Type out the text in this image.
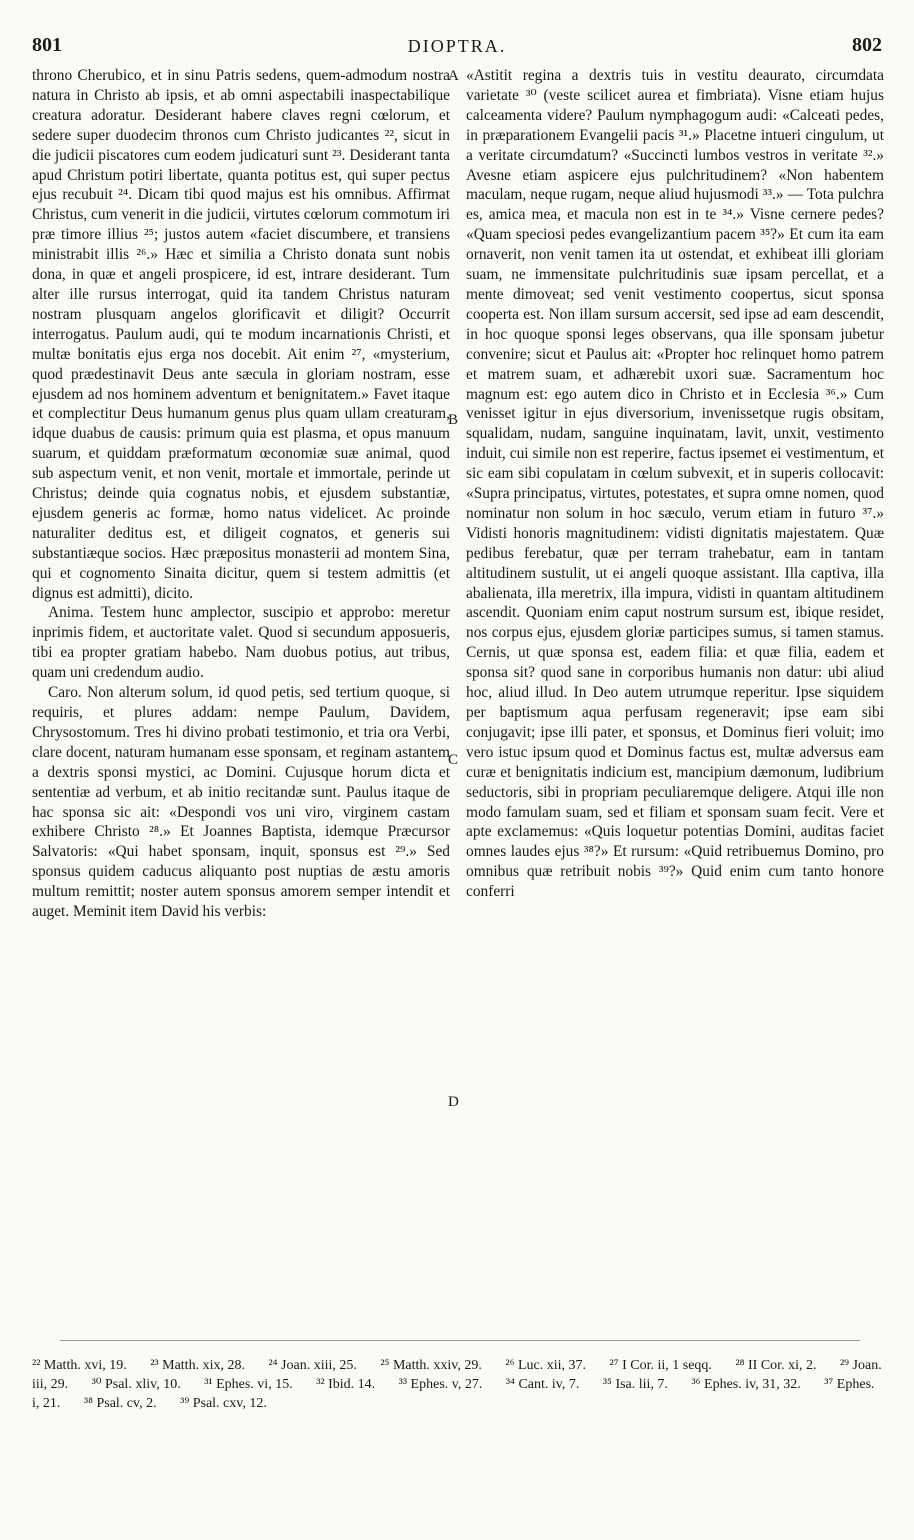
801	DIOPTRA.	802

throno Cherubico, et in sinu Patris sedens, quem-admodum nostra natura in Christo ab ipsis, et ab omni aspectabili inaspectabilique creatura adoratur. Desiderant habere claves regni cœlorum, et sedere super duodecim thronos cum Christo judicantes ²², sicut in die judicii piscatores cum eodem judicaturi sunt ²³. Desiderant tanta apud Christum potiri libertate, quanta potitus est, qui super pectus ejus recubuit ²⁴. Dicam tibi quod majus est his omnibus. Affirmat Christus, cum venerit in die judicii, virtutes cœlorum commotum iri præ timore illius ²⁵; justos autem «faciet discumbere, et transiens ministrabit illis ²⁶.» Hæc et similia a Christo donata sunt nobis dona, in quæ et angeli prospicere, id est, intrare desiderant. Tum alter ille rursus interrogat, quid ita tandem Christus naturam nostram plusquam angelos glorificavit et diligit? Occurrit interrogatus. Paulum audi, qui te modum incarnationis Christi, et multæ bonitatis ejus erga nos docebit. Ait enim ²⁷, «mysterium, quod prædestinavit Deus ante sæcula in gloriam nostram, esse ejusdem ad nos hominem adventum et benignitatem.» Favet itaque et complectitur Deus humanum genus plus quam ullam creaturam, idque duabus de causis: primum quia est plasma, et opus manuum suarum, et quiddam præformatum œconomiæ suæ animal, quod sub aspectum venit, et non venit, mortale et immortale, perinde ut Christus; deinde quia cognatus nobis, et ejusdem substantiæ, ejusdem generis ac formæ, homo natus videlicet. Ac proinde naturaliter deditus est, et diligeit cognatos, et generis sui substantiæque socios. Hæc præpositus monasterii ad montem Sina, qui et cognomento Sinaita dicitur, quem si testem admittis (et dignus est admitti), dicito.

Anima. Testem hunc amplector, suscipio et approbo: meretur inprimis fidem, et auctoritate valet. Quod si secundum apposueris, tibi ea propter gratiam habebo. Nam duobus potius, aut tribus, quam uni credendum audio.

Caro. Non alterum solum, id quod petis, sed tertium quoque, si requiris, et plures addam: nempe Paulum, Davidem, Chrysostomum. Tres hi divino probati testimonio, et tria ora Verbi, clare docent, naturam humanam esse sponsam, et reginam astantem a dextris sponsi mystici, ac Domini. Cujusque horum dicta et sententiæ ad verbum, et ab initio recitandæ sunt. Paulus itaque de hac sponsa sic ait: «Despondi vos uni viro, virginem castam exhibere Christo ²⁸.» Et Joannes Baptista, idemque Præcursor Salvatoris: «Qui habet sponsam, inquit, sponsus est ²⁹.» Sed sponsus quidem caducus aliquanto post nuptias de æstu amoris multum remittit; noster autem sponsus amorem semper intendit et auget. Meminit item David his verbis:

A
B
C
D

«Astitit regina a dextris tuis in vestitu deaurato, circumdata varietate ³⁰ (veste scilicet aurea et fimbriata). Visne etiam hujus calceamenta videre? Paulum nymphagogum audi: «Calceati pedes, in præparationem Evangelii pacis ³¹.» Placetne intueri cingulum, ut a veritate circumdatum? «Succincti lumbos vestros in veritate ³².» Avesne etiam aspicere ejus pulchritudinem? «Non habentem maculam, neque rugam, neque aliud hujusmodi ³³.» — Tota pulchra es, amica mea, et macula non est in te ³⁴.» Visne cernere pedes? «Quam speciosi pedes evangelizantium pacem ³⁵?» Et cum ita eam ornaverit, non venit tamen ita ut ostendat, et exhibeat illi gloriam suam, ne immensitate pulchritudinis suæ ipsam percellat, et a mente dimoveat; sed venit vestimento coopertus, sicut sponsa cooperta est. Non illam sursum accersit, sed ipse ad eam descendit, in hoc quoque sponsi leges observans, qua ille sponsam jubetur convenire; sicut et Paulus ait: «Propter hoc relinquet homo patrem et matrem suam, et adhærebit uxori suæ. Sacramentum hoc magnum est: ego autem dico in Christo et in Ecclesia ³⁶.» Cum venisset igitur in ejus diversorium, invenissetque rugis obsitam, squalidam, nudam, sanguine inquinatam, lavit, unxit, vestimento induit, cui simile non est reperire, factus ipsemet ei vestimentum, et sic eam sibi copulatam in cœlum subvexit, et in superis collocavit: «Supra principatus, virtutes, potestates, et supra omne nomen, quod nominatur non solum in hoc sæculo, verum etiam in futuro ³⁷.» Vidisti honoris magnitudinem: vidisti dignitatis majestatem. Quæ pedibus ferebatur, quæ per terram trahebatur, eam in tantam altitudinem sustulit, ut ei angeli quoque assistant. Illa captiva, illa abalienata, illa meretrix, illa impura, vidisti in quantam altitudinem ascendit. Quoniam enim caput nostrum sursum est, ibique residet, nos corpus ejus, ejusdem gloriæ participes sumus, si tamen stamus. Cernis, ut quæ sponsa est, eadem filia: et quæ filia, eadem et sponsa sit? quod sane in corporibus humanis non datur: ubi aliud hoc, aliud illud. In Deo autem utrumque reperitur. Ipse siquidem per baptismum aqua perfusam regeneravit; ipse eam sibi conjugavit; ipse illi pater, et sponsus, et Dominus fieri voluit; imo vero istuc ipsum quod et Dominus factus est, multæ adversus eam curæ et benignitatis indicium est, mancipium dæmonum, ludibrium seductoris, sibi in propriam peculiaremque deligere. Atqui ille non modo famulam suam, sed et filiam et sponsam suam fecit. Vere et apte exclamemus: «Quis loquetur potentias Domini, auditas faciet omnes laudes ejus ³⁸?» Et rursum: «Quid retribuemus Domino, pro omnibus quæ retribuit nobis ³⁹?» Quid enim cum tanto honore conferri

²² Matth. xvi, 19. ²³ Matth. xix, 28. ²⁴ Joan. xiii, 25. ²⁵ Matth. xxiv, 29. ²⁶ Luc. xii, 37. ²⁷ I Cor. ii, 1 seqq. ²⁸ II Cor. xi, 2. ²⁹ Joan. iii, 29. ³⁰ Psal. xliv, 10. ³¹ Ephes. vi, 15. ³² Ibid. 14. ³³ Ephes. v, 27. ³⁴ Cant. iv, 7. ³⁵ Isa. lii, 7. ³⁶ Ephes. iv, 31, 32. ³⁷ Ephes. i, 21. ³⁸ Psal. cv, 2. ³⁹ Psal. cxv, 12.
